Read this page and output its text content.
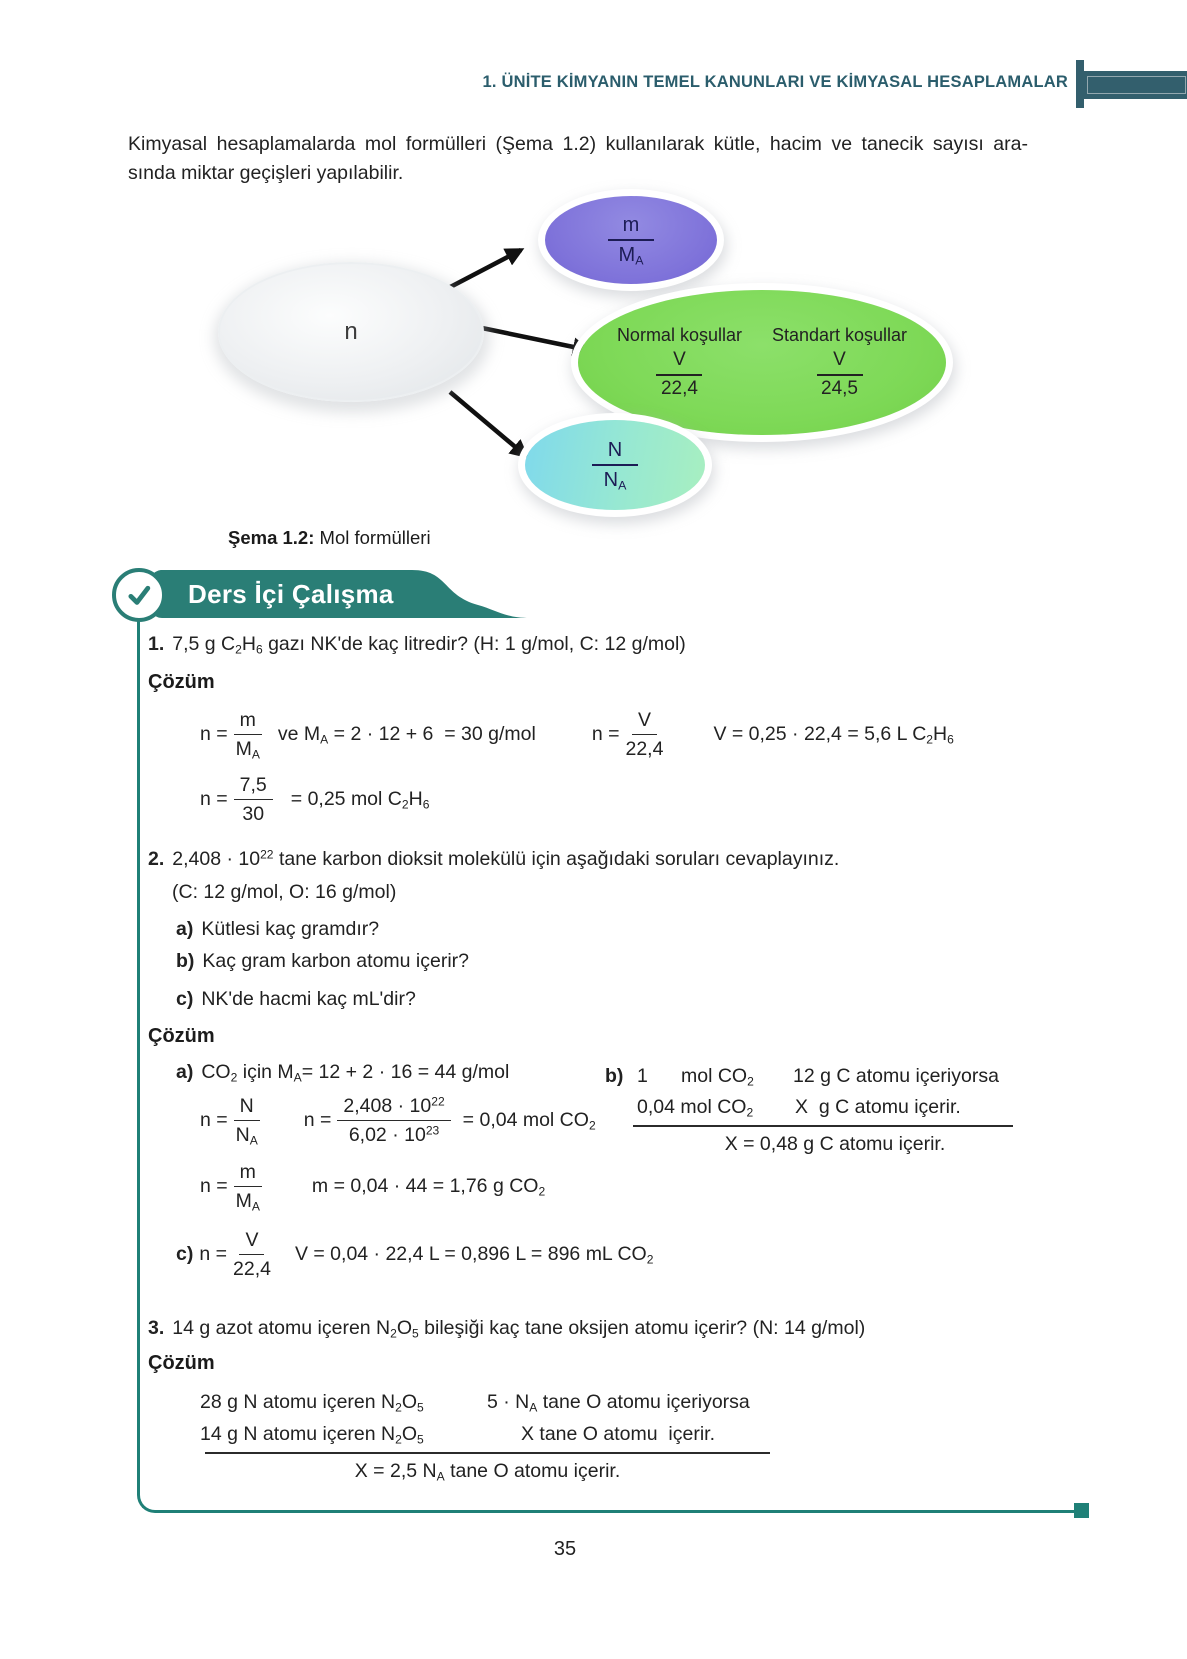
1. ÜNİTE KİMYANIN TEMEL KANUNLARI VE KİMYASAL HESAPLAMALAR
Kimyasal hesaplamalarda mol formülleri (Şema 1.2) kullanılarak kütle, hacim ve tanecik sayısı ara-
sında miktar geçişleri yapılabilir.
n
$\frac{m}{M_A}$
Normal koşullar
$\frac{V}{22,4}$
Standart koşullar
$\frac{V}{24,5}$
$\frac{N}{N_A}$
Şema 1.2: Mol formülleri
Ders İçi Çalışma
1. 7,5 g $C_2H_6$ gazı NK'de kaç litredir? (H: 1 g/mol, C: 12 g/mol)
Çözüm
$n = \frac{m}{M_A}$ ve $M_A = 2 \cdot 12 + 6 = 30$ g/mol	$n = \frac{V}{22,4}$	V = 0,25 · 22,4 = 5,6 L $C_2H_6$
$n = \frac{7,5}{30} = 0,25$ mol $C_2H_6$
2. $2,408 \cdot 10^{22}$ tane karbon dioksit molekülü için aşağıdaki soruları cevaplayınız.
(C: 12 g/mol, O: 16 g/mol)
a) Kütlesi kaç gramdır?
b) Kaç gram karbon atomu içerir?
c) NK'de hacmi kaç mL'dir?
Çözüm
a) $CO_2$ için $M_A= 12 + 2 \cdot 16 = 44$ g/mol	b) 1 mol $CO_2$ 12 g C atomu içeriyorsa
0,04 mol $CO_2$ X  g C atomu içerir.
X = 0,48 g C atomu içerir.
$n = \frac{N}{N_A}$ $n = \frac{2,408 \cdot 10^{22}}{6,02 \cdot 10^{23}} = 0,04$ mol $CO_2$
$n = \frac{m}{M_A}$	m = 0,04 · 44 = 1,76 g $CO_2$
c) $n = \frac{V}{22,4}$ V = 0,04 · 22,4 L = 0,896 L = 896 mL $CO_2$
3. 14 g azot atomu içeren $N_2O_5$ bileşiği kaç tane oksijen atomu içerir? (N: 14 g/mol)
Çözüm
28 g N atomu içeren $N_2O_5$	$5 \cdot N_A$ tane O atomu içeriyorsa
14 g N atomu içeren $N_2O_5$	X tane O atomu  içerir.
X = 2,5 $N_A$ tane O atomu içerir.
35
